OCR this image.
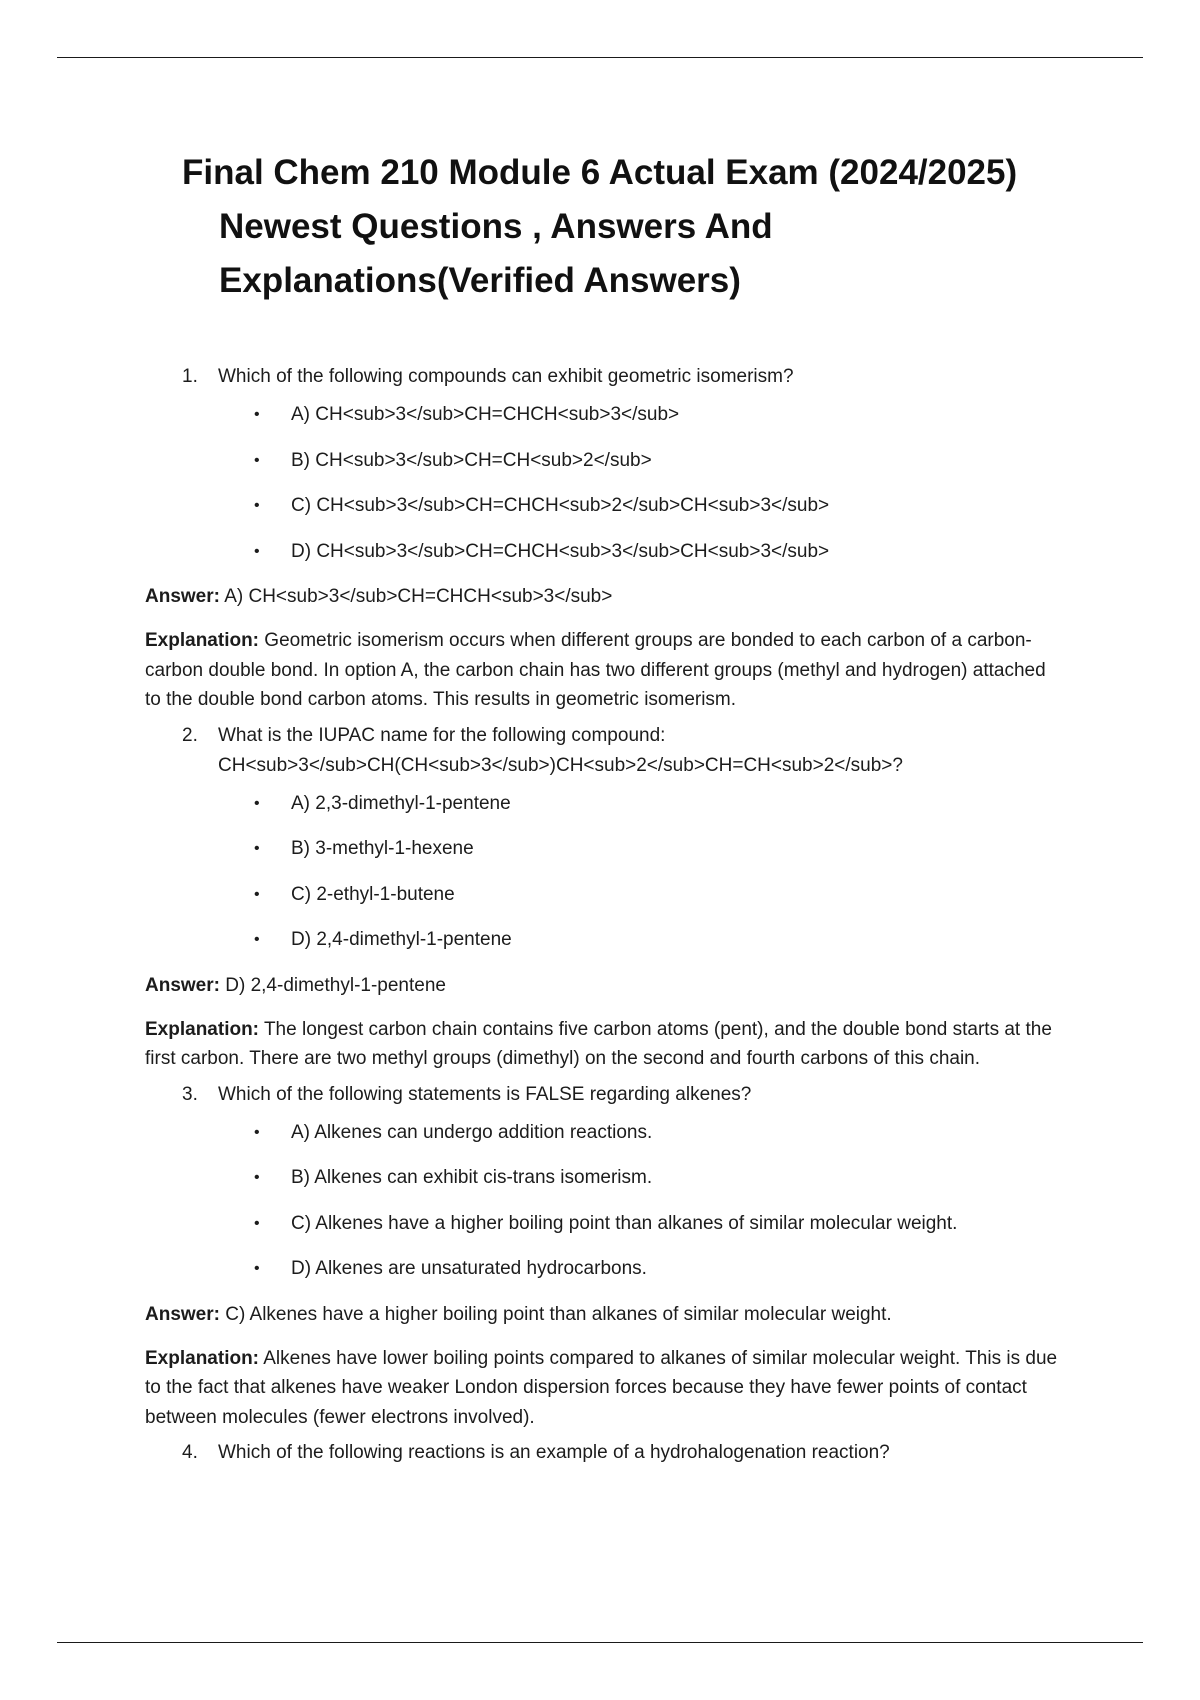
Final Chem 210 Module 6 Actual Exam (2024/2025)
Newest Questions , Answers And
Explanations(Verified Answers)

1. Which of the following compounds can exhibit geometric isomerism?

• A) CH<sub>3</sub>CH=CHCH<sub>3</sub>
• B) CH<sub>3</sub>CH=CH<sub>2</sub>
• C) CH<sub>3</sub>CH=CHCH<sub>2</sub>CH<sub>3</sub>
• D) CH<sub>3</sub>CH=CHCH<sub>3</sub>CH<sub>3</sub>

Answer: A) CH<sub>3</sub>CH=CHCH<sub>3</sub>

Explanation: Geometric isomerism occurs when different groups are bonded to each carbon of a carbon-carbon double bond. In option A, the carbon chain has two different groups (methyl and hydrogen) attached to the double bond carbon atoms. This results in geometric isomerism.

2. What is the IUPAC name for the following compound: CH<sub>3</sub>CH(CH<sub>3</sub>)CH<sub>2</sub>CH=CH<sub>2</sub>?

• A) 2,3-dimethyl-1-pentene
• B) 3-methyl-1-hexene
• C) 2-ethyl-1-butene
• D) 2,4-dimethyl-1-pentene

Answer: D) 2,4-dimethyl-1-pentene

Explanation: The longest carbon chain contains five carbon atoms (pent), and the double bond starts at the first carbon. There are two methyl groups (dimethyl) on the second and fourth carbons of this chain.

3. Which of the following statements is FALSE regarding alkenes?

• A) Alkenes can undergo addition reactions.
• B) Alkenes can exhibit cis-trans isomerism.
• C) Alkenes have a higher boiling point than alkanes of similar molecular weight.
• D) Alkenes are unsaturated hydrocarbons.

Answer: C) Alkenes have a higher boiling point than alkanes of similar molecular weight.

Explanation: Alkenes have lower boiling points compared to alkanes of similar molecular weight. This is due to the fact that alkenes have weaker London dispersion forces because they have fewer points of contact between molecules (fewer electrons involved).

4. Which of the following reactions is an example of a hydrohalogenation reaction?
